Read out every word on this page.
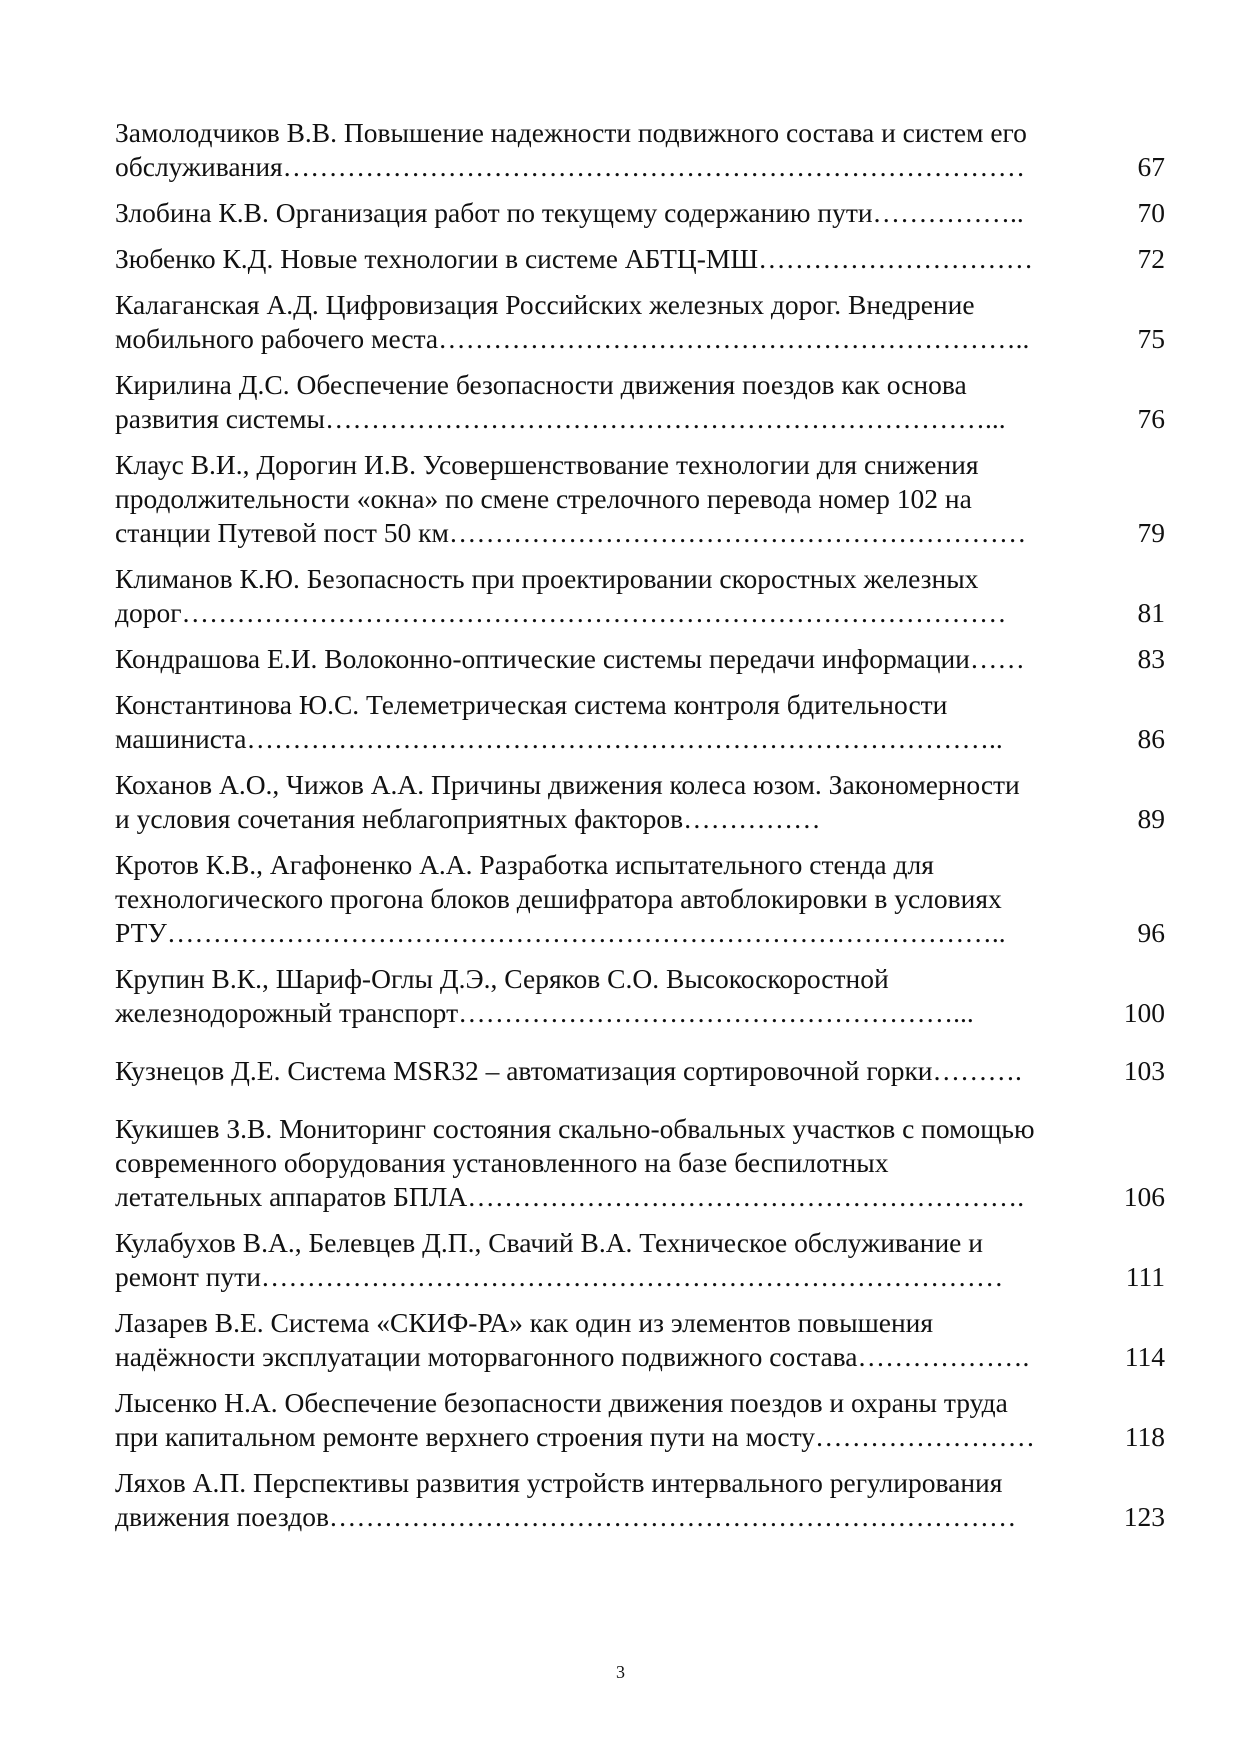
Замолодчиков В.В. Повышение надежности подвижного состава и систем его
обслуживания………………………………………………………………………	67
Злобина К.В. Организация работ по текущему содержанию пути……………..	70
Зюбенко К.Д. Новые технологии в системе АБТЦ-МШ…………………………	72
Калаганская А.Д. Цифровизация Российских железных дорог. Внедрение
мобильного рабочего места………………………………………………………..	75
Кирилина Д.С. Обеспечение безопасности движения поездов как основа
развития системы………………………………………………………………...	76
Клаус В.И., Дорогин И.В. Усовершенствование технологии для снижения
продолжительности «окна» по смене стрелочного перевода номер 102 на
станции Путевой пост 50 км………………………………………………………	79
Климанов К.Ю. Безопасность при проектировании скоростных железных
дорог………………………………………………………………………………	81
Кондрашова Е.И. Волоконно-оптические системы передачи информации……	83
Константинова Ю.С. Телеметрическая система контроля бдительности
машиниста………………………………………………………………………..	86
Коханов А.О., Чижов А.А. Причины движения колеса юзом. Закономерности
и условия сочетания неблагоприятных факторов……………	89
Кротов К.В., Агафоненко А.А. Разработка испытательного стенда для
технологического прогона блоков дешифратора автоблокировки в условиях
РТУ………………………………………………………………………………..	96
Крупин В.К., Шариф-Оглы Д.Э., Серяков С.О. Высокоскоростной
железнодорожный транспорт………………………………………………...	100
Кузнецов Д.Е. Система MSR32 – автоматизация сортировочной горки……….	103
Кукишев З.В. Мониторинг состояния скально-обвальных участков с помощью
современного оборудования установленного на базе беспилотных
летательных аппаратов БПЛА…………………………………………………….	106
Кулабухов В.А., Белевцев Д.П., Свачий В.А. Техническое обслуживание и
ремонт пути………………………………………………………………………	111
Лазарев В.Е. Система «СКИФ-РА» как один из элементов повышения
надёжности эксплуатации моторвагонного подвижного состава……………….	114
Лысенко Н.А. Обеспечение безопасности движения поездов и охраны труда
при капитальном ремонте верхнего строения пути на мосту……………………	118
Ляхов А.П. Перспективы развития устройств интервального регулирования
движения поездов…………………………………………………………………	123
3
